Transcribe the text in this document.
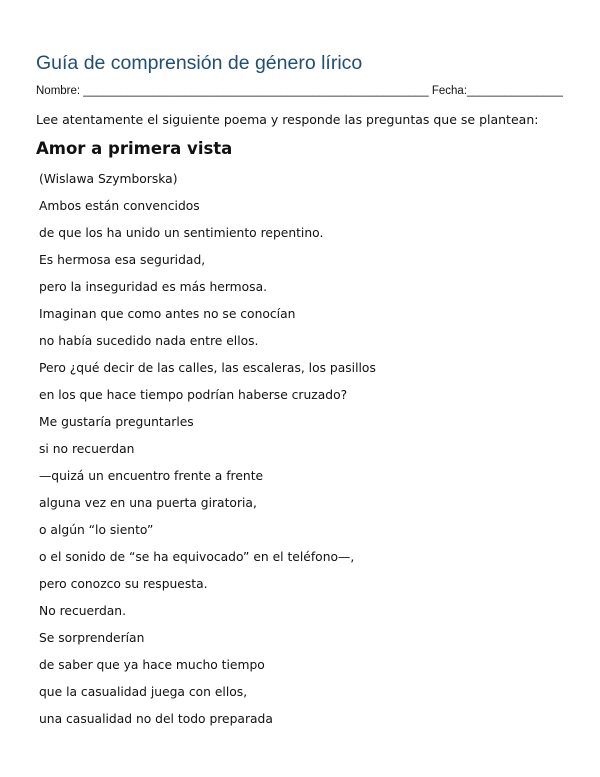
Guía de comprensión de género lírico
Nombre: ______________________________________________________ Fecha:_______________
Lee atentamente el siguiente poema y responde las preguntas que se plantean:
Amor a primera vista
(Wislawa Szymborska)
Ambos están convencidos
de que los ha unido un sentimiento repentino.
Es hermosa esa seguridad,
pero la inseguridad es más hermosa.
Imaginan que como antes no se conocían
no había sucedido nada entre ellos.
Pero ¿qué decir de las calles, las escaleras, los pasillos
en los que hace tiempo podrían haberse cruzado?
Me gustaría preguntarles
si no recuerdan
—quizá un encuentro frente a frente
alguna vez en una puerta giratoria,
o algún “lo siento”
o el sonido de “se ha equivocado” en el teléfono—,
pero conozco su respuesta.
No recuerdan.
Se sorprenderían
de saber que ya hace mucho tiempo
que la casualidad juega con ellos,
una casualidad no del todo preparada
